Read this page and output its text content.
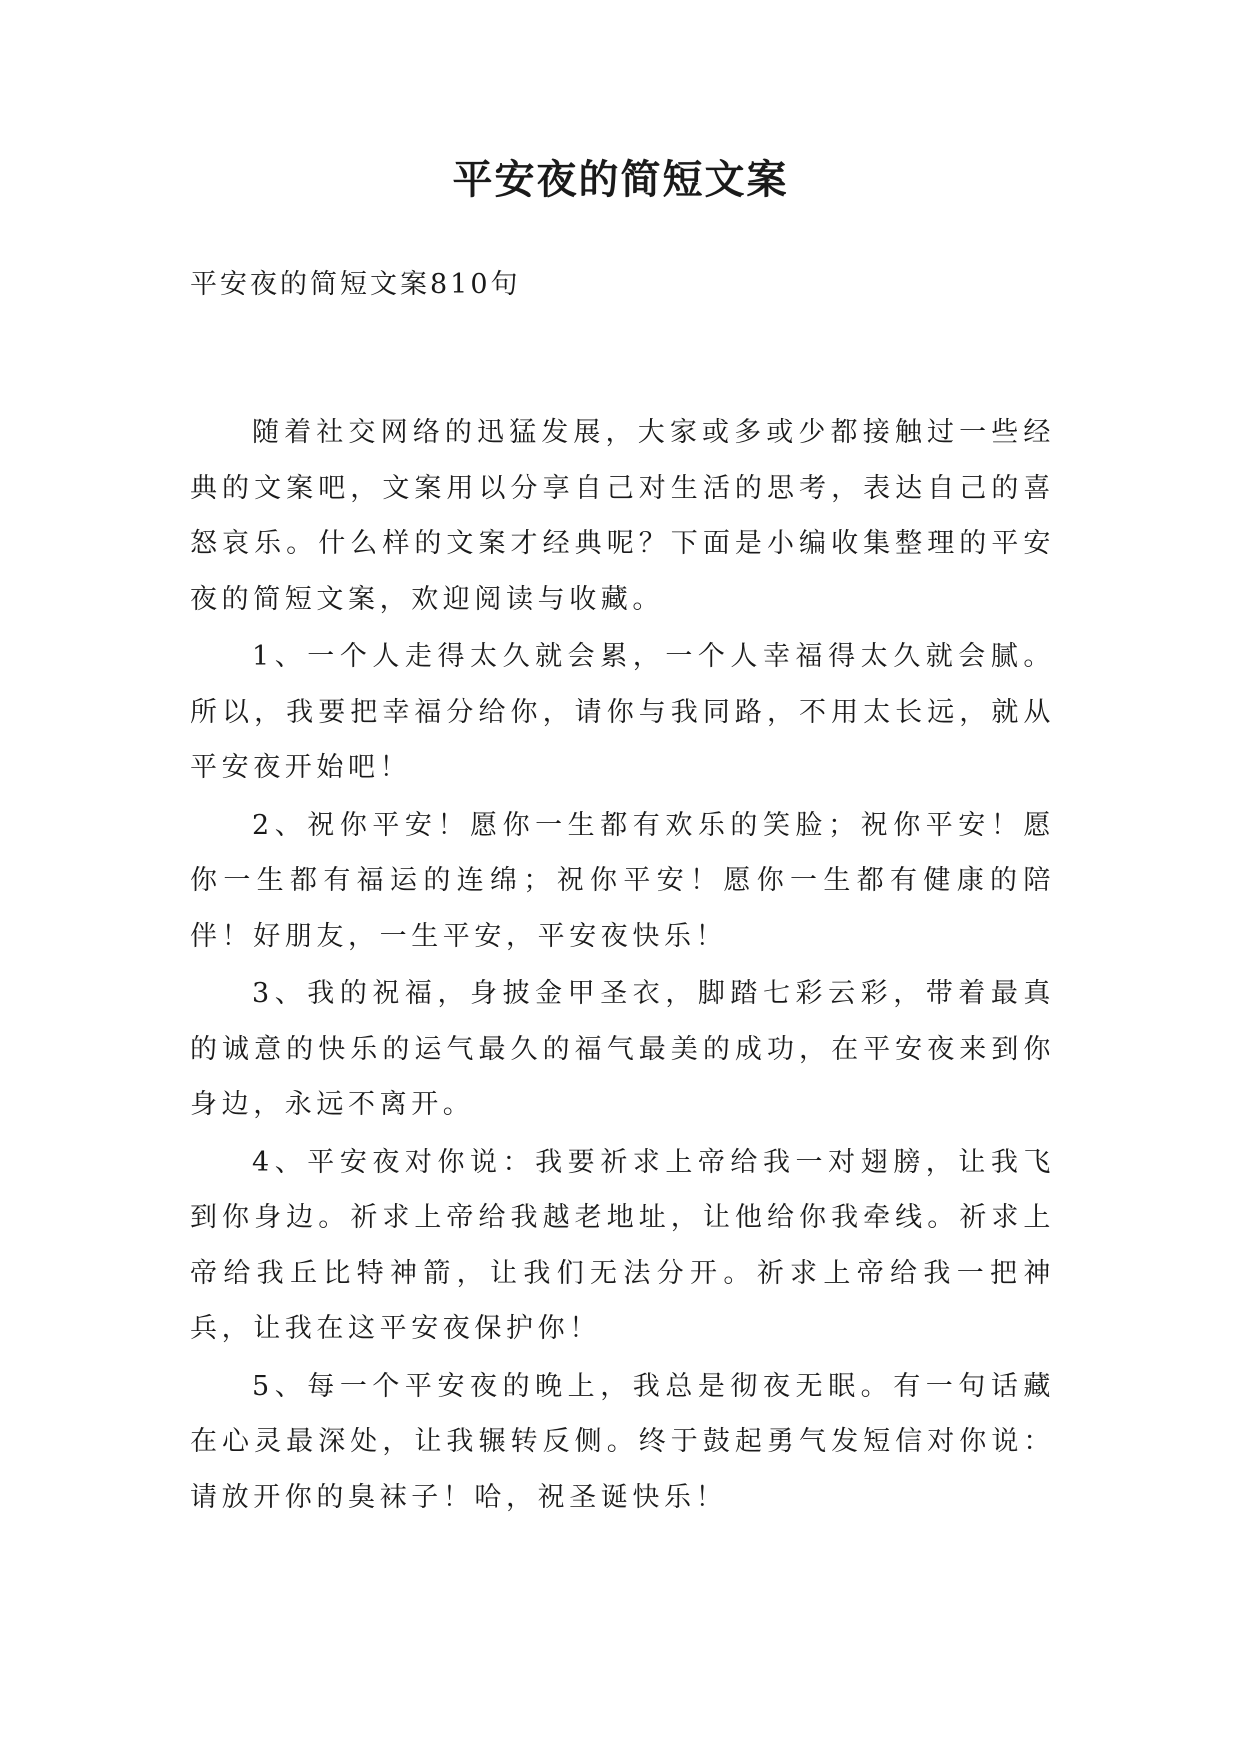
平安夜的简短文案
平安夜的简短文案810句

随着社交网络的迅猛发展，大家或多或少都接触过一些经典的文案吧，文案用以分享自己对生活的思考，表达自己的喜怒哀乐。什么样的文案才经典呢？下面是小编收集整理的平安夜的简短文案，欢迎阅读与收藏。

1、一个人走得太久就会累，一个人幸福得太久就会腻。所以，我要把幸福分给你，请你与我同路，不用太长远，就从平安夜开始吧！

2、祝你平安！愿你一生都有欢乐的笑脸；祝你平安！愿你一生都有福运的连绵；祝你平安！愿你一生都有健康的陪伴！好朋友，一生平安，平安夜快乐！

3、我的祝福，身披金甲圣衣，脚踏七彩云彩，带着最真的诚意的快乐的运气最久的福气最美的成功，在平安夜来到你身边，永远不离开。

4、平安夜对你说：我要祈求上帝给我一对翅膀，让我飞到你身边。祈求上帝给我越老地址，让他给你我牵线。祈求上帝给我丘比特神箭，让我们无法分开。祈求上帝给我一把神兵，让我在这平安夜保护你！

5、每一个平安夜的晚上，我总是彻夜无眠。有一句话藏在心灵最深处，让我辗转反侧。终于鼓起勇气发短信对你说：请放开你的臭袜子！哈，祝圣诞快乐！
